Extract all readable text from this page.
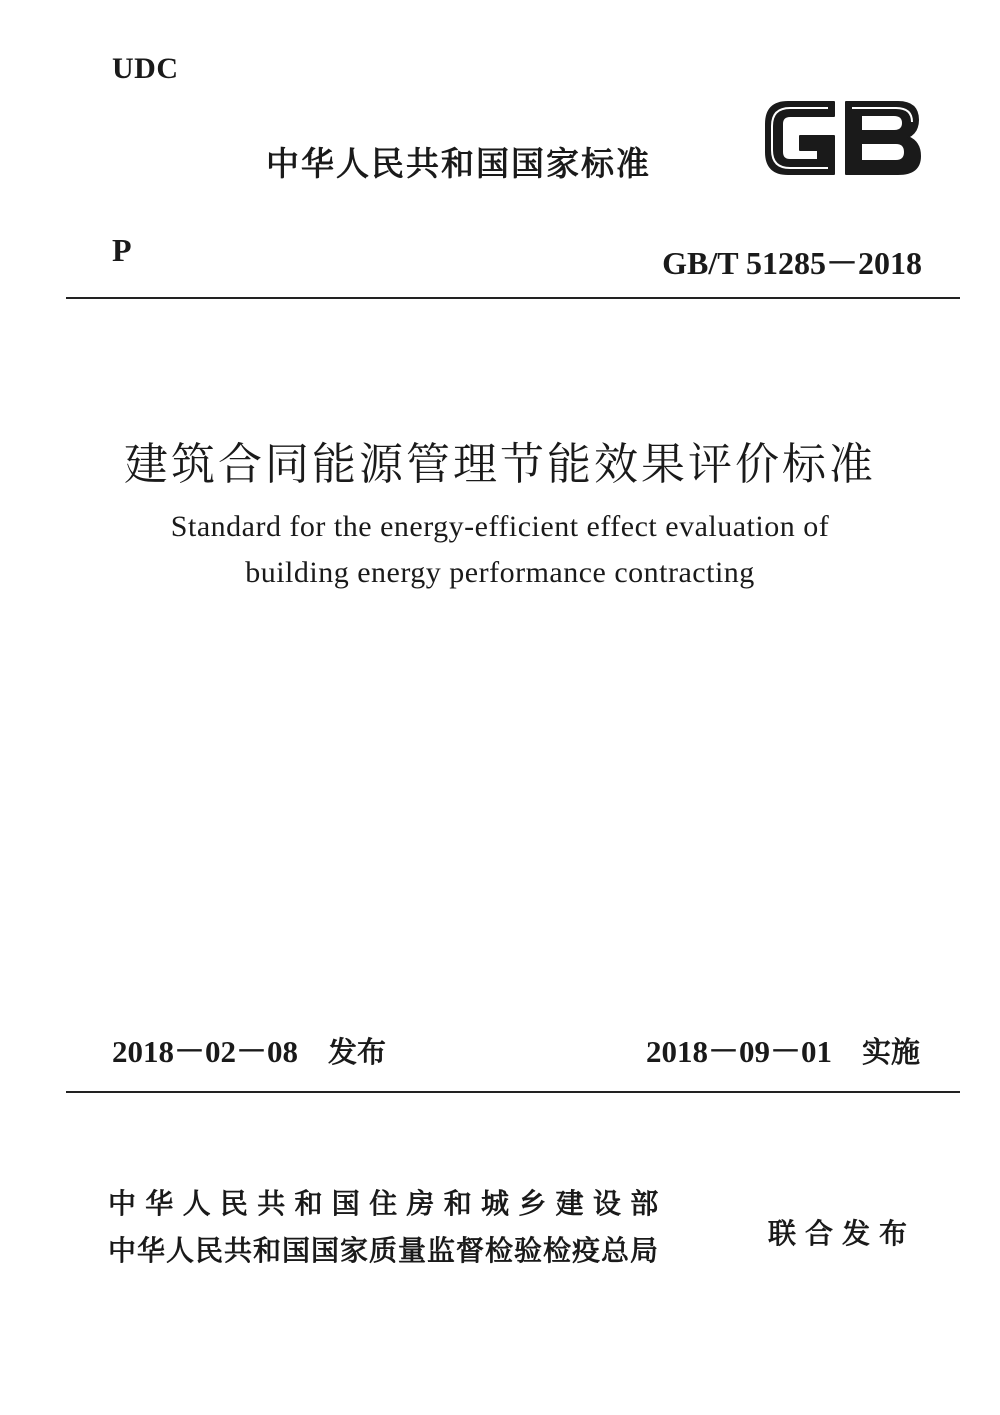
UDC
中华人民共和国国家标准
P	GB/T 51285－2018
建筑合同能源管理节能效果评价标准
Standard for the energy-efficient effect evaluation of
building energy performance contracting
2018－02－08 发布	2018－09－01 实施
中华人民共和国住房和城乡建设部
中华人民共和国国家质量监督检验检疫总局
联合发布
